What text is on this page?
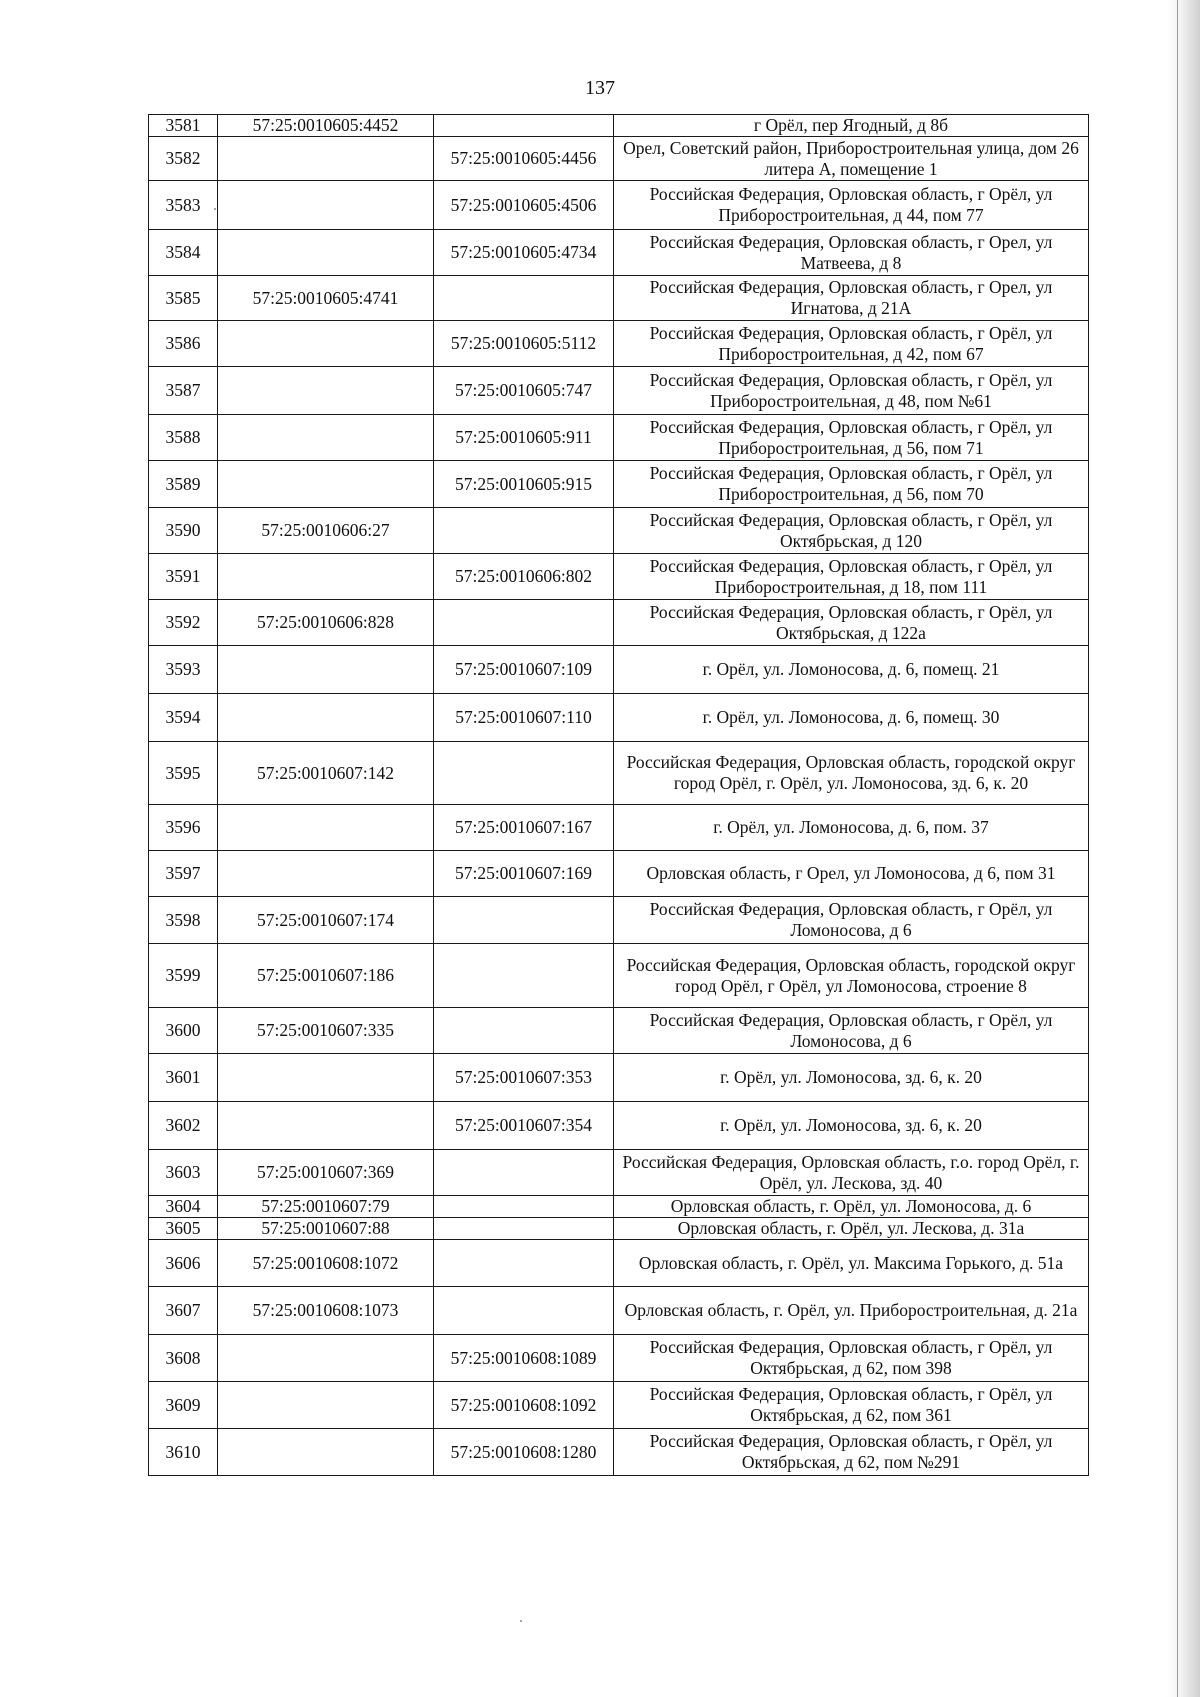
137
3581	57:25:0010605:4452		г Орёл, пер Ягодный, д 8б
3582		57:25:0010605:4456	Орел, Советский район, Приборостроительная улица, дом 26 литера А, помещение 1
3583		57:25:0010605:4506	Российская Федерация, Орловская область, г Орёл, ул Приборостроительная, д 44, пом 77
3584		57:25:0010605:4734	Российская Федерация, Орловская область, г Орел, ул Матвеева, д 8
3585	57:25:0010605:4741		Российская Федерация, Орловская область, г Орел, ул Игнатова, д 21А
3586		57:25:0010605:5112	Российская Федерация, Орловская область, г Орёл, ул Приборостроительная, д 42, пом 67
3587		57:25:0010605:747	Российская Федерация, Орловская область, г Орёл, ул Приборостроительная, д 48, пом №61
3588		57:25:0010605:911	Российская Федерация, Орловская область, г Орёл, ул Приборостроительная, д 56, пом 71
3589		57:25:0010605:915	Российская Федерация, Орловская область, г Орёл, ул Приборостроительная, д 56, пом 70
3590	57:25:0010606:27		Российская Федерация, Орловская область, г Орёл, ул Октябрьская, д 120
3591		57:25:0010606:802	Российская Федерация, Орловская область, г Орёл, ул Приборостроительная, д 18, пом 111
3592	57:25:0010606:828		Российская Федерация, Орловская область, г Орёл, ул Октябрьская, д 122а
3593		57:25:0010607:109	г. Орёл, ул. Ломоносова, д. 6, помещ. 21
3594		57:25:0010607:110	г. Орёл, ул. Ломоносова, д. 6, помещ. 30
3595	57:25:0010607:142		Российская Федерация, Орловская область, городской округ город Орёл, г. Орёл, ул. Ломоносова, зд. 6, к. 20
3596		57:25:0010607:167	г. Орёл, ул. Ломоносова, д. 6, пом. 37
3597		57:25:0010607:169	Орловская область, г Орел, ул Ломоносова, д 6, пом 31
3598	57:25:0010607:174		Российская Федерация, Орловская область, г Орёл, ул Ломоносова, д 6
3599	57:25:0010607:186		Российская Федерация, Орловская область, городской округ город Орёл, г Орёл, ул Ломоносова, строение 8
3600	57:25:0010607:335		Российская Федерация, Орловская область, г Орёл, ул Ломоносова, д 6
3601		57:25:0010607:353	г. Орёл, ул. Ломоносова, зд. 6, к. 20
3602		57:25:0010607:354	г. Орёл, ул. Ломоносова, зд. 6, к. 20
3603	57:25:0010607:369		Российская Федерация, Орловская область, г.о. город Орёл, г. Орёл, ул. Лескова, зд. 40
3604	57:25:0010607:79		Орловская область, г. Орёл, ул. Ломоносова, д. 6
3605	57:25:0010607:88		Орловская область, г. Орёл, ул. Лескова, д. 31а
3606	57:25:0010608:1072		Орловская область, г. Орёл, ул. Максима Горького, д. 51а
3607	57:25:0010608:1073		Орловская область, г. Орёл, ул. Приборостроительная, д. 21а
3608		57:25:0010608:1089	Российская Федерация, Орловская область, г Орёл, ул Октябрьская, д 62, пом 398
3609		57:25:0010608:1092	Российская Федерация, Орловская область, г Орёл, ул Октябрьская, д 62, пом 361
3610		57:25:0010608:1280	Российская Федерация, Орловская область, г Орёл, ул Октябрьская, д 62, пом №291
